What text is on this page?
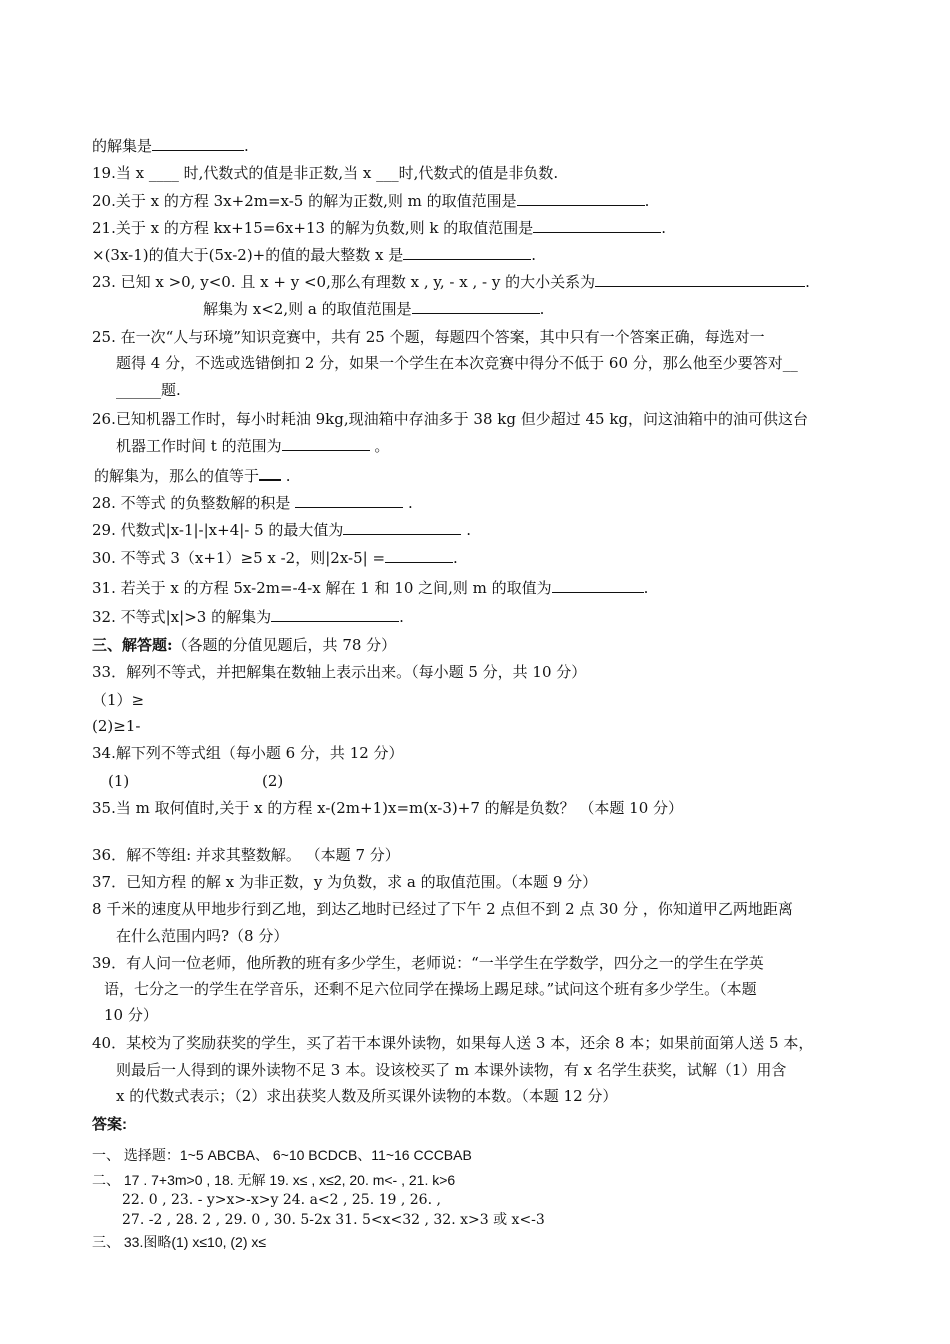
的解集是	.
19.当 x ____ 时,代数式的值是非正数,当 x ___时,代数式的值是非负数.
20.关于 x 的方程 3x+2m=x-5 的解为正数,则 m 的取值范围是	.
21.关于 x 的方程 kx+15=6x+13 的解为负数,则 k 的取值范围是	.
×(3x-1)的值大于(5x-2)+的值的最大整数 x 是	.
23. 已知 x >0, y<0. 且 x + y <0,那么有理数 x , y, - x , - y 的大小关系为	.
解集为 x<2,则 a 的取值范围是	.
25. 在一次“人与环境”知识竞赛中，共有 25 个题，每题四个答案，其中只有一个答案正确，每选对一
题得 4 分，不选或选错倒扣 2 分，如果一个学生在本次竞赛中得分不低于 60 分，那么他至少要答对__
______题.
26.已知机器工作时，每小时耗油 9kg,现油箱中存油多于 38 kg 但少超过 45 kg，问这油箱中的油可供这台
机器工作时间 t 的范围为	。
的解集为，那么的值等于 .
28. 不等式 的负整数解的积是	.
29. 代数式|x-1|-|x+4|- 5 的最大值为	.
30. 不等式 3（x+1）≥5 x -2，则|2x-5| =	.
31. 若关于 x 的方程 5x-2m=-4-x 解在 1 和 10 之间,则 m 的取值为	.
32. 不等式|x|>3 的解集为	.
三、解答题:（各题的分值见题后，共 78 分）
33．解列不等式，并把解集在数轴上表示出来。（每小题 5 分，共 10 分）
（1）≥
(2)≥1-
34.解下列不等式组（每小题 6 分，共 12 分）
(1)	(2)
35.当 m 取何值时,关于 x 的方程 x-(2m+1)x=m(x-3)+7 的解是负数？ （本题 10 分）
36．解不等组: 并求其整数解。 （本题 7 分）
37．已知方程 的解 x 为非正数，y 为负数，求 a 的取值范围。（本题 9 分）
8 千米的速度从甲地步行到乙地，到达乙地时已经过了下午 2 点但不到 2 点 30 分 ，你知道甲乙两地距离
在什么范围内吗?（8 分）
39．有人问一位老师，他所教的班有多少学生，老师说：“一半学生在学数学，四分之一的学生在学英
语，七分之一的学生在学音乐，还剩不足六位同学在操场上踢足球。”试问这个班有多少学生。（本题
10 分）
40．某校为了奖励获奖的学生，买了若干本课外读物，如果每人送 3 本，还余 8 本；如果前面第人送 5 本，
则最后一人得到的课外读物不足 3 本。设该校买了 m 本课外读物，有 x 名学生获奖，试解（1）用含
x 的代数式表示；（2）求出获奖人数及所买课外读物的本数。（本题 12 分）
答案:
一、 选择题：1~5 ABCBA、 6~10 BCDCB、11~16 CCCBAB
二、 17 . 7+3m>0 , 18. 无解 19. x≤ , x≤2, 20. m<- , 21. k>6
22. 0 , 23. - y>x>-x>y 24. a<2 , 25. 19 , 26. ,
27. -2 , 28. 2 , 29. 0 , 30. 5-2x 31. 5<x<32 , 32. x>3 或 x<-3
三、 33.图略(1) x≤10, (2) x≤
